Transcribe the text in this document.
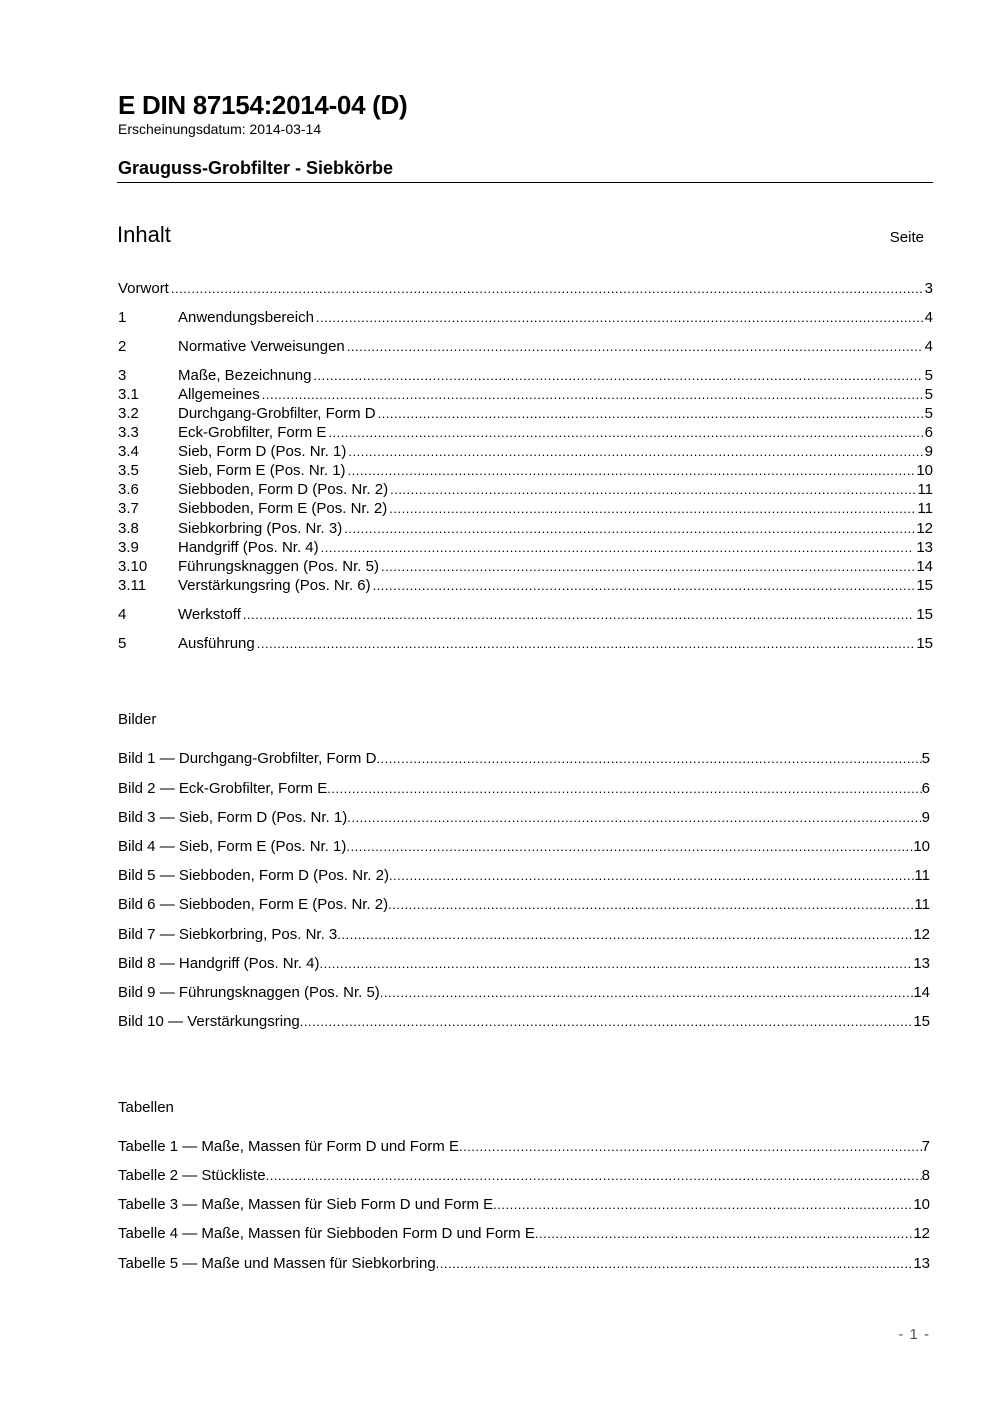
E DIN 87154:2014-04 (D)
Erscheinungsdatum: 2014-03-14
Grauguss-Grobfilter - Siebkörbe
Inhalt	Seite
Vorwort .....	3
1	Anwendungsbereich .....	4
2	Normative Verweisungen .....	4
3	Maße, Bezeichnung .....	5
3.1	Allgemeines .....	5
3.2	Durchgang-Grobfilter, Form D .....	5
3.3	Eck-Grobfilter, Form E .....	6
3.4	Sieb, Form D (Pos. Nr. 1) .....	9
3.5	Sieb, Form E (Pos. Nr. 1) .....	10
3.6	Siebboden, Form D (Pos. Nr. 2) .....	11
3.7	Siebboden, Form E (Pos. Nr. 2) .....	11
3.8	Siebkorbring (Pos. Nr. 3) .....	12
3.9	Handgriff (Pos. Nr. 4) .....	13
3.10	Führungsknaggen (Pos. Nr. 5) .....	14
3.11	Verstärkungsring (Pos. Nr. 6) .....	15
4	Werkstoff .....	15
5	Ausführung .....	15
Bilder
Bild 1 — Durchgang-Grobfilter, Form D .....	5
Bild 2 — Eck-Grobfilter, Form E .....	6
Bild 3 — Sieb, Form D (Pos. Nr. 1) .....	9
Bild 4 — Sieb, Form E (Pos. Nr. 1) .....	10
Bild 5 — Siebboden, Form D (Pos. Nr. 2) .....	11
Bild 6 — Siebboden, Form E (Pos. Nr. 2) .....	11
Bild 7 — Siebkorbring, Pos. Nr. 3 .....	12
Bild 8 — Handgriff (Pos. Nr. 4) .....	13
Bild 9 — Führungsknaggen (Pos. Nr. 5) .....	14
Bild 10 — Verstärkungsring .....	15
Tabellen
Tabelle 1 — Maße, Massen für Form D und Form E .....	7
Tabelle 2 — Stückliste .....	8
Tabelle 3 — Maße, Massen für Sieb Form D und Form E .....	10
Tabelle 4 — Maße, Massen für Siebboden Form D und Form E .....	12
Tabelle 5 — Maße und Massen für Siebkorbring .....	13
- 1 -
